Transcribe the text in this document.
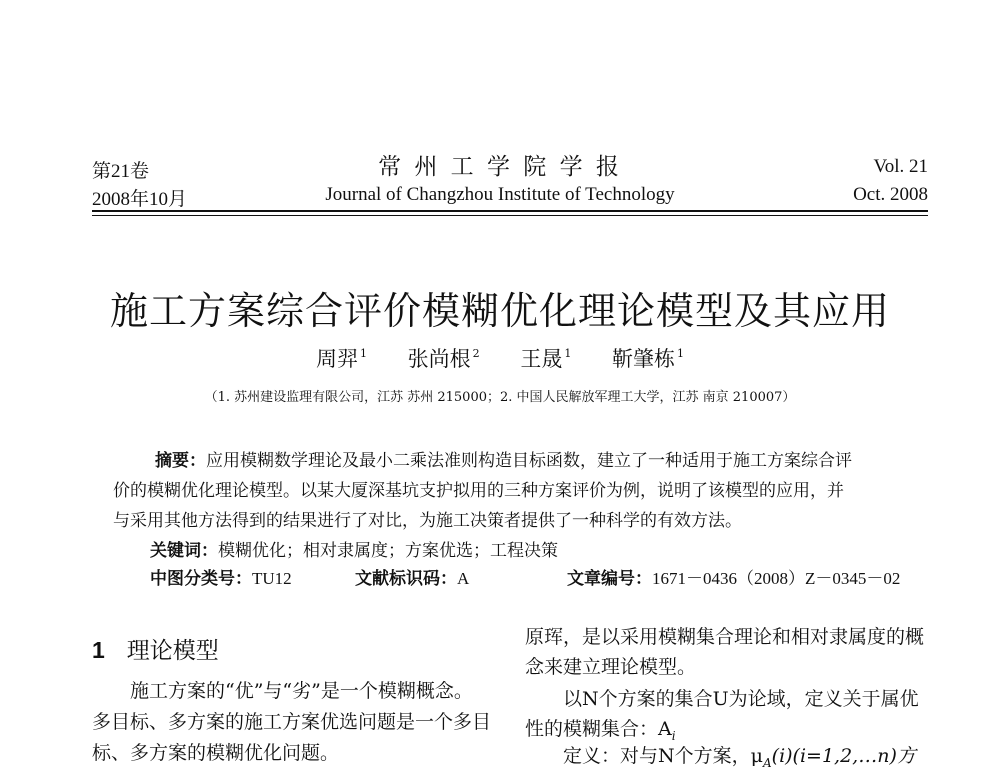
第21卷
2008年10月
常 州 工 学 院 学 报
Journal of Changzhou Institute of Technology
Vol. 21
Oct. 2008
施工方案综合评价模糊优化理论模型及其应用
周羿 $^1$ 张尚根 $^2$ 王晟 $^1$ 靳肇栋 $^1$
（1. 苏州建设监理有限公司，江苏 苏州 215000；2. 中国人民解放军理工大学，江苏 南京 210007）
摘要：应用模糊数学理论及最小二乘法准则构造目标函数，建立了一种适用于施工方案综合评
价的模糊优化理论模型。以某大厦深基坑支护拟用的三种方案评价为例，说明了该模型的应用，并
与采用其他方法得到的结果进行了对比，为施工决策者提供了一种科学的有效方法。
关键词：模糊优化；相对隶属度；方案优选；工程决策
中图分类号：TU12	文献标识码：A	文章编号：1671－0436（2008）Z－0345－02
1 理论模型
施工方案的“优”与“劣”是一个模糊概念。
多目标、多方案的施工方案优选问题是一个多目
标、多方案的模糊优化问题。
原珲，是以采用模糊集合理论和相对隶属度的概
念来建立理论模型。
以N个方案的集合U为论域，定义关于属优
性的模糊集合：$A_i$
定义：对与N个方案，$\mu_A(i)(i=1,2,\dots n)$方
